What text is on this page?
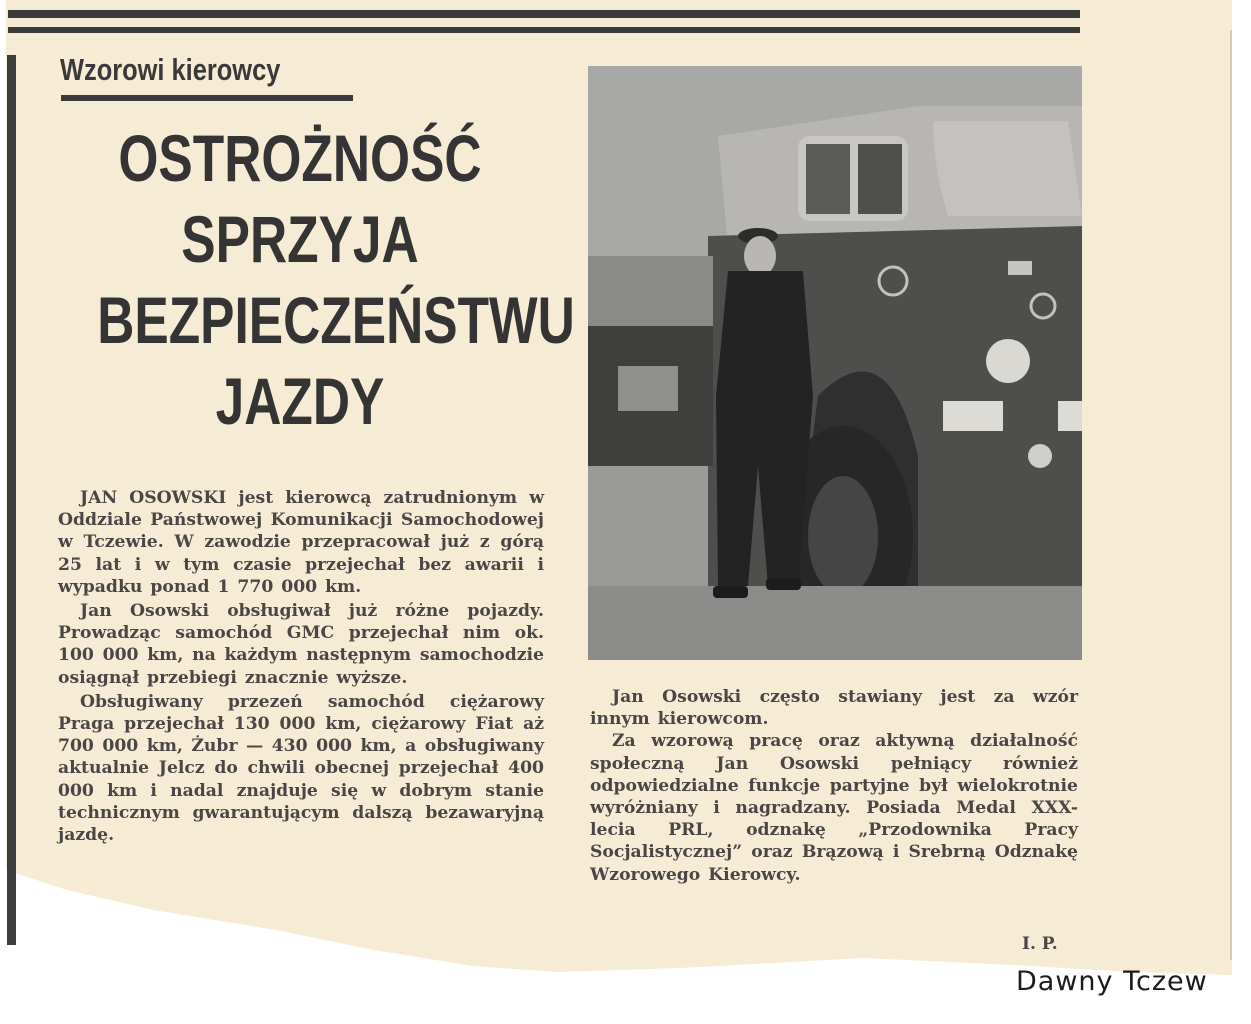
Wzorowi kierowcy
OSTROŻNOŚĆ
SPRZYJA
BEZPIECZEŃSTWU
JAZDY

JAN OSOWSKI jest kierowcą zatrudnionym w Oddziale Państwowej Komunikacji Samochodowej w Tczewie. W zawodzie przepracował już z górą 25 lat i w tym czasie przejechał bez awarii i wypadku ponad 1 770 000 km.

Jan Osowski obsługiwał już różne pojazdy. Prowadząc samochód GMC przejechał nim ok. 100 000 km, na każdym następnym samochodzie osiągnął przebiegi znacznie wyższe.

Obsługiwany przezeń samochód ciężarowy Praga przejechał 130 000 km, ciężarowy Fiat aż 700 000 km, Żubr — 430 000 km, a obsługiwany aktualnie Jelcz do chwili obecnej przejechał 400 000 km i nadal znajduje się w dobrym stanie technicznym gwarantującym dalszą bezawaryjną jazdę.

Jan Osowski często stawiany jest za wzór innym kierowcom.

Za wzorową pracę oraz aktywną działalność społeczną Jan Osowski pełniący również odpowiedzialne funkcje partyjne był wielokrotnie wyróżniany i nagradzany. Posiada Medal XXX-lecia PRL, odznakę „Przodownika Pracy Socjalistycznej” oraz Brązową i Srebrną Odznakę Wzorowego Kierowcy.

I. P.
Dawny Tczew
